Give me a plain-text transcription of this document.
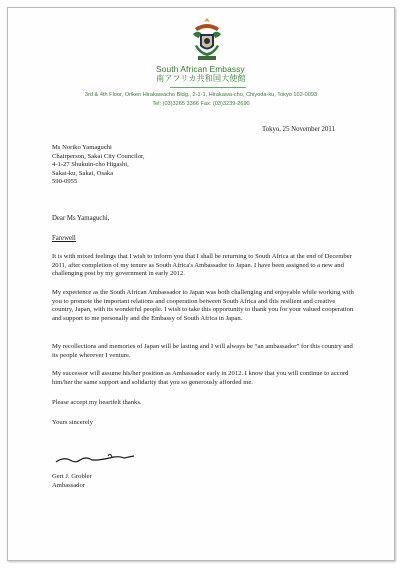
South African Embassy
南アフリカ共和国大使館
3rd & 4th Floor, Oriken Hirakawacho Bldg., 2-1-1, Hirakawa-cho, Chiyoda-ku, Tokyo 102-0093
Tel: (03)3265 3366 Fax: (03)3239-2690
Tokyo, 25 November 2011
Ms Noriko Yamaguchi
Chairperson, Sakai City Councilor,
4-1-27 Shukuin-cho Higashi,
Sakai-ku, Sakai, Osaka
590-0955
Dear Ms Yamaguchi,
Farewell

It is with mixed feelings that I wish to inform you that I shall be returning to South Africa at the end of December 2011, after completion of my tenure as South Africa's Ambassador to Japan. I have been assigned to a new and challenging post by my government in early 2012.

My experience as the South African Ambassador to Japan was both challenging and enjoyable while working with you to promote the important relations and cooperation between South Africa and this resilient and creative country, Japan, with its wonderful people. I wish to take this opportunity to thank you for your valued cooperation and support to me personally and the Embassy of South Africa in Japan.

My recollections and memories of Japan will be lasting and I will always be “an ambassador” for this country and its people wherever I venture.

My successor will assume his/her position as Ambassador early in 2012. I know that you will continue to accord him/her the same support and solidarity that you so generously afforded me.

Please accept my heartfelt thanks.

Yours sincerely
Gert J. Grobler
Ambassador
